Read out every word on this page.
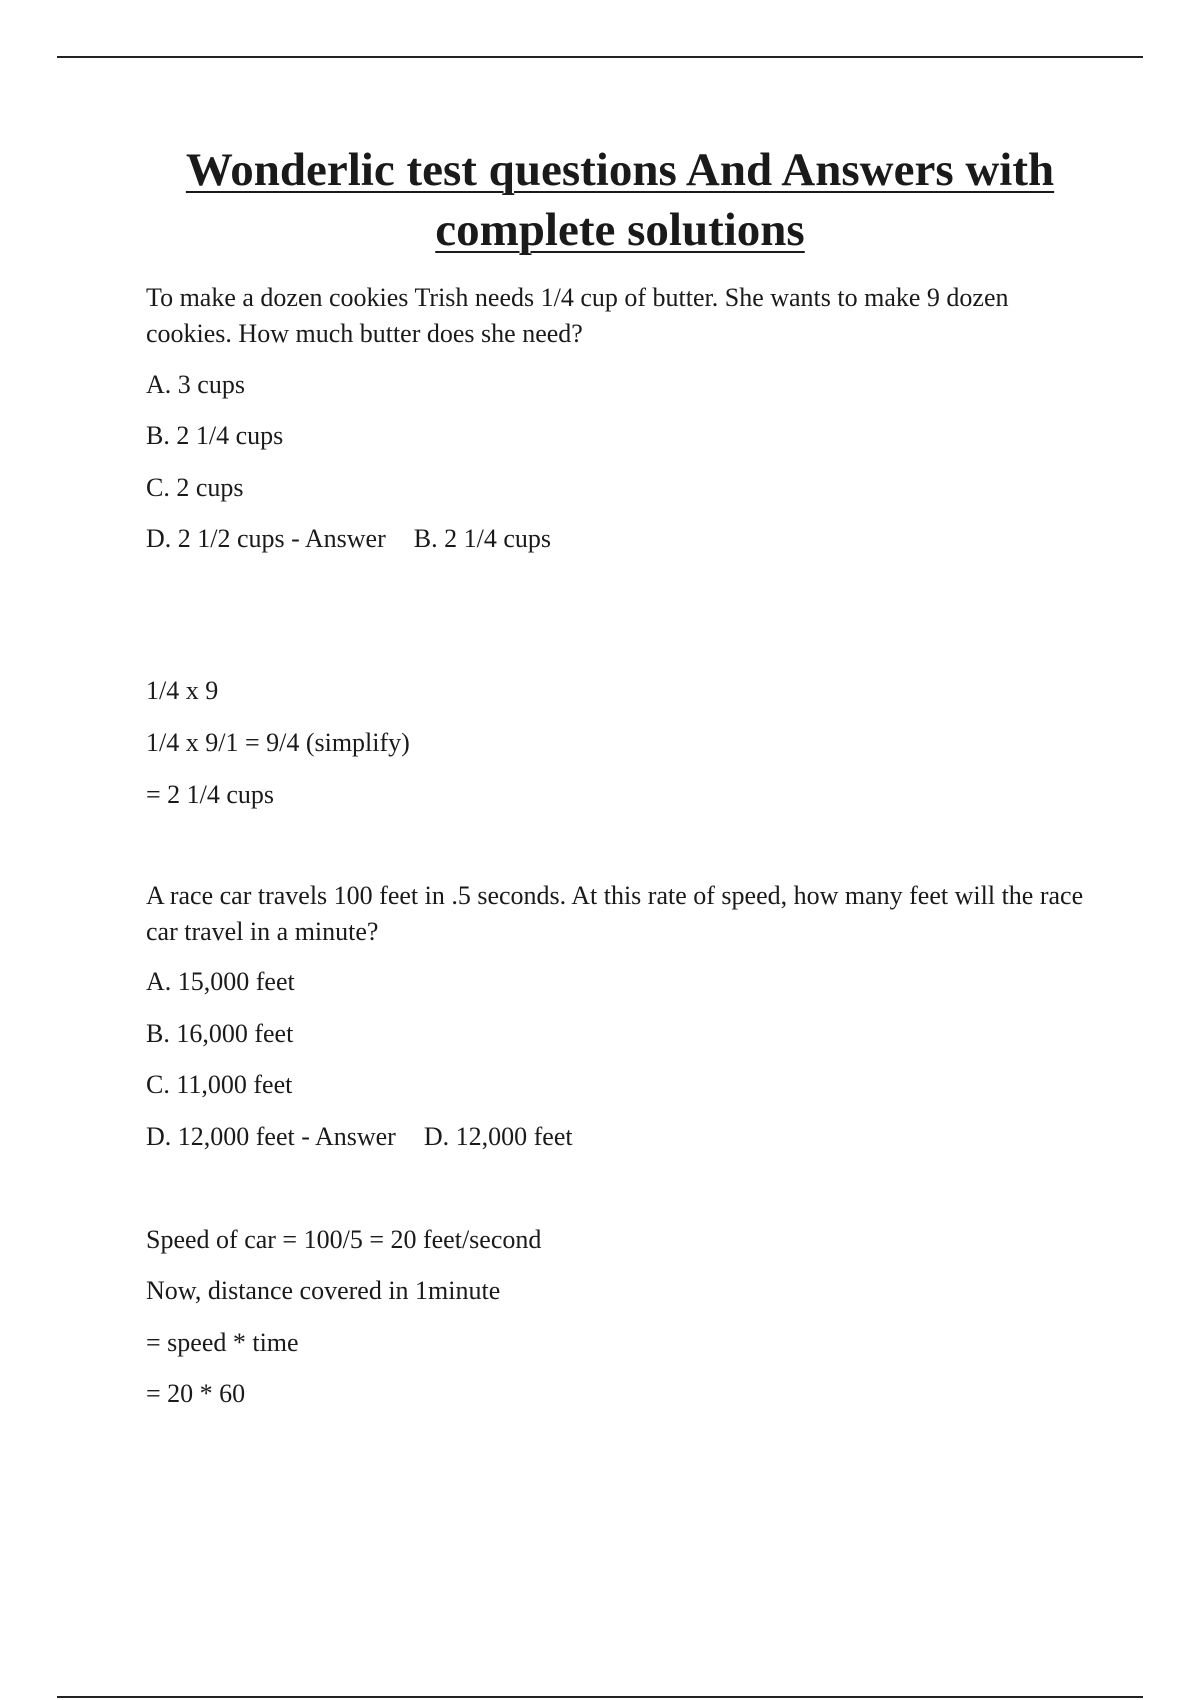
Wonderlic test questions And Answers with complete solutions

To make a dozen cookies Trish needs 1/4 cup of butter. She wants to make 9 dozen cookies. How much butter does she need?

A. 3 cups

B. 2 1/4 cups

C. 2 cups

D. 2 1/2 cups - Answer B. 2 1/4 cups

1/4 x 9

1/4 x 9/1 = 9/4 (simplify)

= 2 1/4 cups

A race car travels 100 feet in .5 seconds. At this rate of speed, how many feet will the race car travel in a minute?

A. 15,000 feet

B. 16,000 feet

C. 11,000 feet

D. 12,000 feet - Answer D. 12,000 feet

Speed of car = 100/5 = 20 feet/second

Now, distance covered in 1minute

= speed * time

= 20 * 60
